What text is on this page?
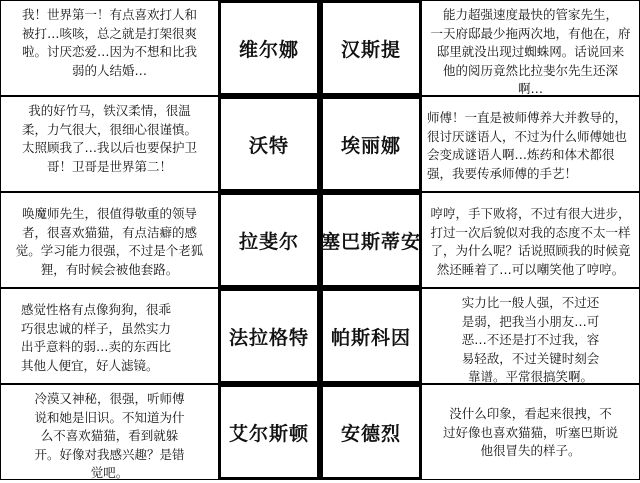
我！世界第一！有点喜欢打人和
被打…咳咳，总之就是打架很爽
啦。讨厌恋爱…因为不想和比我
弱的人结婚…
维尔娜 汉斯提
能力超强速度最快的管家先生，
一天府邸最少拖两次地，有他在，府
邸里就没出现过蜘蛛网。话说回来
他的阅历竟然比拉斐尔先生还深
啊…
我的好竹马，铁汉柔情，很温
柔，力气很大，很细心很谨慎。
太照顾我了…我以后也要保护卫
哥！卫哥是世界第二！
沃特	埃丽娜
师傅！一直是被师傅养大并教导的，
很讨厌谜语人，不过为什么师傅她也
会变成谜语人啊…炼药和体术都很
强，我要传承师傅的手艺！
唤魔师先生，很值得敬重的领导
者，很喜欢猫猫，有点洁癖的感
觉。学习能力很强，不过是个老狐
狸，有时候会被他套路。
拉斐尔 塞巴斯蒂安
哼哼，手下败将，不过有很大进步，
打过一次后貌似对我的态度不太一样
了，为什么呢？话说照顾我的时候竟
然还睡着了…可以嘲笑他了哼哼。
感觉性格有点像狗狗，很乖
巧很忠诚的样子，虽然实力
出乎意料的弱…卖的东西比
其他人便宜，好人滤镜。
法拉格特 帕斯科因
实力比一般人强，不过还
是弱，把我当小朋友…可
恶…不还是打不过我，容
易轻敌，不过关键时刻会
靠谱。平常很搞笑啊。
冷漠又神秘，很强，听师傅
说和她是旧识。不知道为什
么不喜欢猫猫，看到就躲
开。好像对我感兴趣？是错
觉吧。
艾尔斯顿 安德烈
没什么印象，看起来很拽，不
过好像也喜欢猫猫，听塞巴斯说
他很冒失的样子。
